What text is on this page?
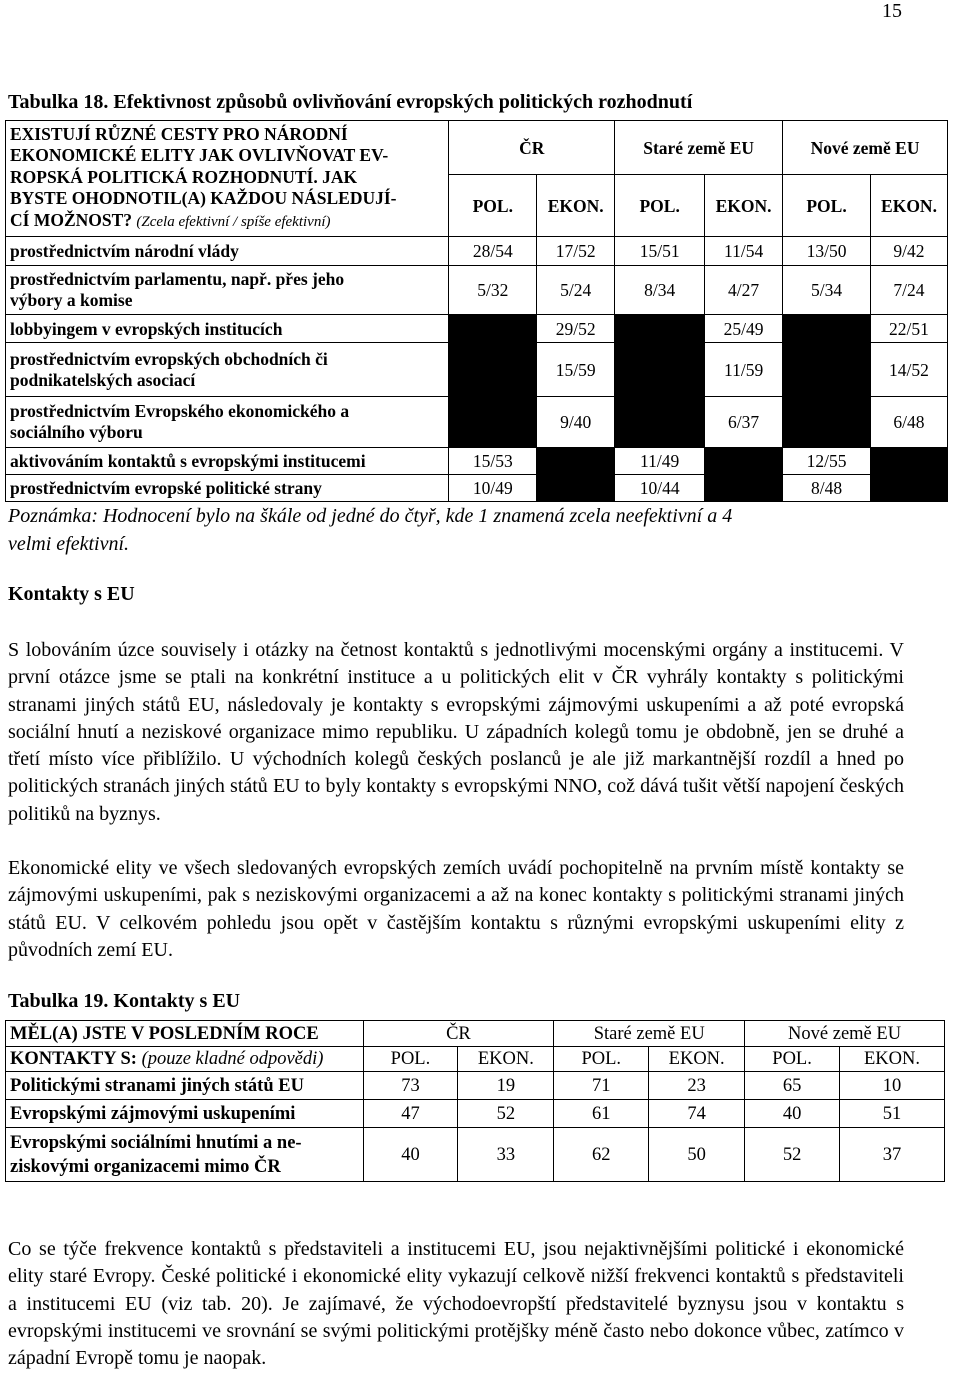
15
Tabulka 18. Efektivnost způsobů ovlivňování evropských politických rozhodnutí
EXISTUJÍ RŮZNÉ CESTY PRO NÁRODNÍ
EKONOMICKÉ ELITY JAK OVLIVŇOVAT EV-
ROPSKÁ POLITICKÁ ROZHODNUTÍ. JAK
BYSTE OHODNOTIL(A) KAŽDOU NÁSLEDUJÍ-
CÍ MOŽNOST? (Zcela efektivní / spíše efektivní)	ČR		Staré země EU		Nové země EU	
	POL.	EKON.	POL.	EKON.	POL.	EKON.
prostřednictvím národní vlády	28/54	17/52	15/51	11/54	13/50	9/42
prostřednictvím parlamentu, např. přes jeho
výbory a komise	5/32	5/24	8/34	4/27	5/34	7/24
lobbyingem v evropských institucích		29/52		25/49		22/51
prostřednictvím evropských obchodních či
podnikatelských asociací		15/59		11/59		14/52
prostřednictvím Evropského ekonomického a
sociálního výboru		9/40		6/37		6/48
aktivováním kontaktů s evropskými institucemi	15/53		11/49		12/55	
prostřednictvím evropské politické strany	10/49		10/44		8/48	
Poznámka: Hodnocení bylo na škále od jedné do čtyř, kde 1 znamená zcela neefektivní a 4
velmi efektivní.
Kontakty s EU

S lobováním úzce souvisely i otázky na četnost kontaktů s jednotlivými mocenskými orgány a institucemi. V první otázce jsme se ptali na konkrétní instituce a u politických elit v ČR vyhrály kontakty s politickými stranami jiných států EU, následovaly je kontakty s evropskými zájmovými uskupeními a až poté evropská sociální hnutí a neziskové organizace mimo republiku. U západních kolegů tomu je obdobně, jen se druhé a třetí místo více přiblížilo. U východních kolegů českých poslanců je ale již markantnější rozdíl a hned po politických stranách jiných států EU to byly kontakty s evropskými NNO, což dává tušit větší napojení českých politiků na byznys.

Ekonomické elity ve všech sledovaných evropských zemích uvádí pochopitelně na prvním místě kontakty se zájmovými uskupeními, pak s neziskovými organizacemi a až na konec kontakty s politickými stranami jiných států EU. V celkovém pohledu jsou opět v častějším kontaktu s různými evropskými uskupeními elity z původních zemí EU.

Tabulka 19. Kontakty s EU
MĚL(A) JSTE V POSLEDNÍM ROCE	ČR		Staré země EU		Nové země EU	
KONTAKTY S: (pouze kladné odpovědi)	POL.	EKON.	POL.	EKON.	POL.	EKON.
Politickými stranami jiných států EU	73	19	71	23	65	10
Evropskými zájmovými uskupeními	47	52	61	74	40	51
Evropskými sociálními hnutími a ne-
ziskovými organizacemi mimo ČR	40	33	62	50	52	37

Co se týče frekvence kontaktů s představiteli a institucemi EU, jsou nejaktivnějšími politické i ekonomické elity staré Evropy. České politické i ekonomické elity vykazují celkově nižší frekvenci kontaktů s představiteli a institucemi EU (viz tab. 20). Je zajímavé, že východoevropští představitelé byznysu jsou v kontaktu s evropskými institucemi ve srovnání se svými politickými protějšky méně často nebo dokonce vůbec, zatímco v západní Evropě tomu je naopak.
